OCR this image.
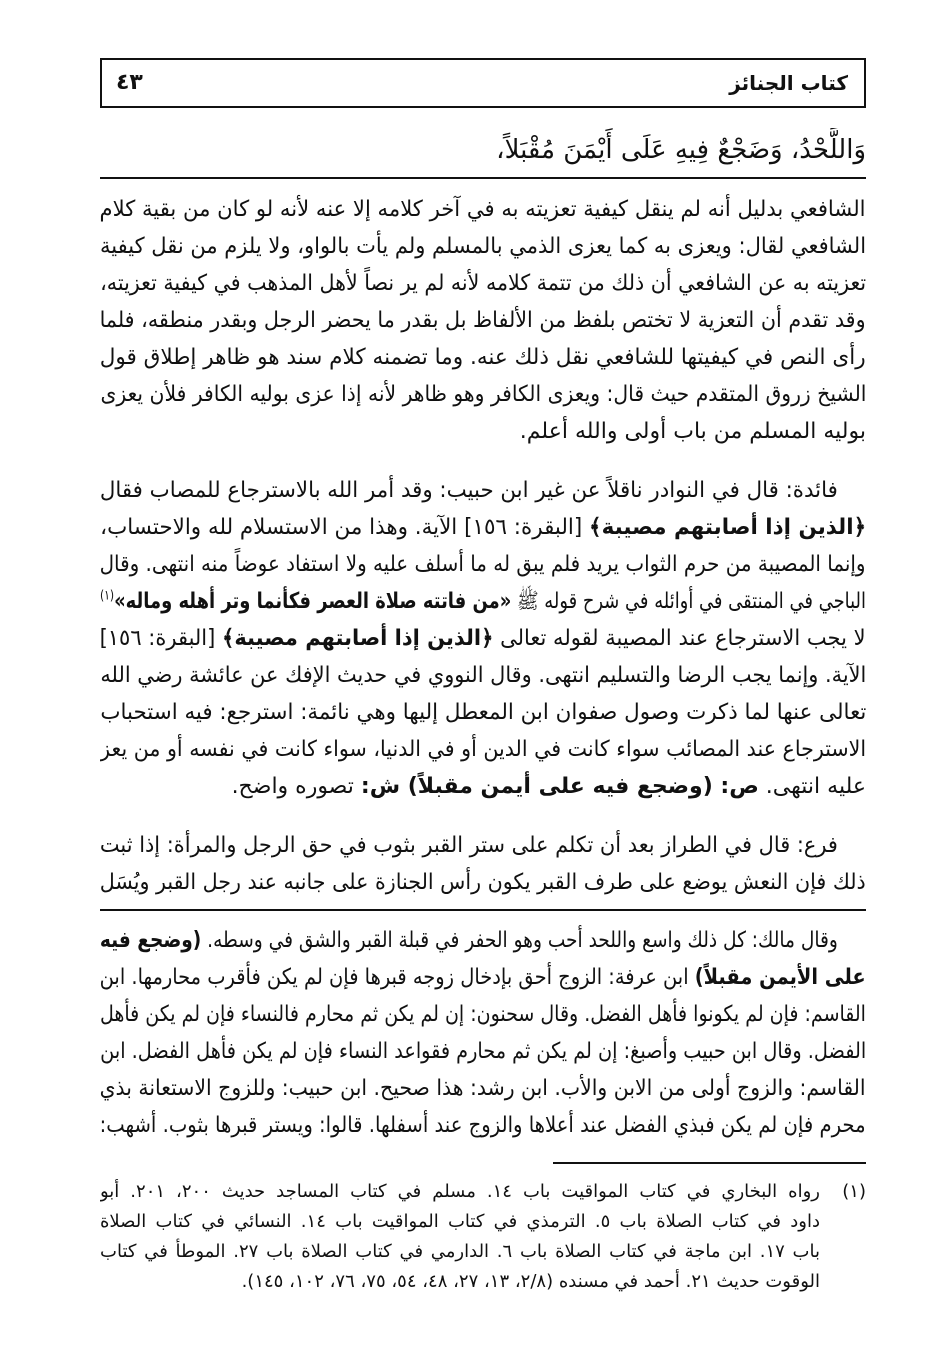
كتاب الجنائز
٤٣
وَاللَّحْدُ، وَضَجْعٌ فِيهِ عَلَى أَيْمَنَ مُقْبَلاً،
الشافعي بدليل أنه لم ينقل كيفية تعزيته به في آخر كلامه إلا عنه لأنه لو كان من بقية كلام
الشافعي لقال: ويعزى به كما يعزى الذمي بالمسلم ولم يأت بالواو، ولا يلزم من نقل كيفية
تعزيته به عن الشافعي أن ذلك من تتمة كلامه لأنه لم ير نصاً لأهل المذهب في كيفية تعزيته،
وقد تقدم أن التعزية لا تختص بلفظ من الألفاظ بل بقدر ما يحضر الرجل وبقدر منطقه، فلما
رأى النص في كيفيتها للشافعي نقل ذلك عنه. وما تضمنه كلام سند هو ظاهر إطلاق قول
الشيخ زروق المتقدم حيث قال: ويعزى الكافر وهو ظاهر لأنه إذا عزى بوليه الكافر فلأن يعزى
بوليه المسلم من باب أولى والله أعلم.
فائدة: قال في النوادر ناقلاً عن غير ابن حبيب: وقد أمر الله بالاسترجاع للمصاب فقال
﴿الذين إذا أصابتهم مصيبة﴾ [البقرة: ١٥٦] الآية. وهذا من الاستسلام لله والاحتساب،
وإنما المصيبة من حرم الثواب يريد فلم يبق له ما أسلف عليه ولا استفاد عوضاً منه انتهى. وقال
الباجي في المنتقى في أوائله في شرح قوله ﷺ «من فاتته صلاة العصر فكأنما وتر أهله وماله»$^{(١)}$
لا يجب الاسترجاع عند المصيبة لقوله تعالى ﴿الذين إذا أصابتهم مصيبة﴾ [البقرة: ١٥٦]
الآية. وإنما يجب الرضا والتسليم انتهى. وقال النووي في حديث الإفك عن عائشة رضي الله
تعالى عنها لما ذكرت وصول صفوان ابن المعطل إليها وهي نائمة: استرجع: فيه استحباب
الاسترجاع عند المصائب سواء كانت في الدين أو في الدنيا، سواء كانت في نفسه أو من يعز
عليه انتهى. ص: (وضجع فيه على أيمن مقبلاً) ش: تصوره واضح.
فرع: قال في الطراز بعد أن تكلم على ستر القبر بثوب في حق الرجل والمرأة: إذا ثبت
ذلك فإن النعش يوضع على طرف القبر يكون رأس الجنازة على جانبه عند رجل القبر ويُسَل
وقال مالك: كل ذلك واسع واللحد أحب وهو الحفر في قبلة القبر والشق في وسطه. (وضجع فيه
على الأيمن مقبلاً) ابن عرفة: الزوج أحق بإدخال زوجه قبرها فإن لم يكن فأقرب محارمها. ابن
القاسم: فإن لم يكونوا فأهل الفضل. وقال سحنون: إن لم يكن ثم محارم فالنساء فإن لم يكن فأهل
الفضل. وقال ابن حبيب وأصبغ: إن لم يكن ثم محارم فقواعد النساء فإن لم يكن فأهل الفضل. ابن
القاسم: والزوج أولى من الابن والأب. ابن رشد: هذا صحيح. ابن حبيب: وللزوج الاستعانة بذي
محرم فإن لم يكن فبذي الفضل عند أعلاها والزوج عند أسفلها. قالوا: ويستر قبرها بثوب. أشهب:
(١)
رواه البخاري في كتاب المواقيت باب ١٤. مسلم في كتاب المساجد حديث ٢٠٠، ٢٠١. أبو
داود في كتاب الصلاة باب ٥. الترمذي في كتاب المواقيت باب ١٤. النسائي في كتاب الصلاة
باب ١٧. ابن ماجة في كتاب الصلاة باب ٦. الدارمي في كتاب الصلاة باب ٢٧. الموطأ في كتاب
الوقوت حديث ٢١. أحمد في مسنده (٢/٨، ١٣، ٢٧، ٤٨، ٥٤، ٧٥، ٧٦، ١٠٢، ١٤٥).
